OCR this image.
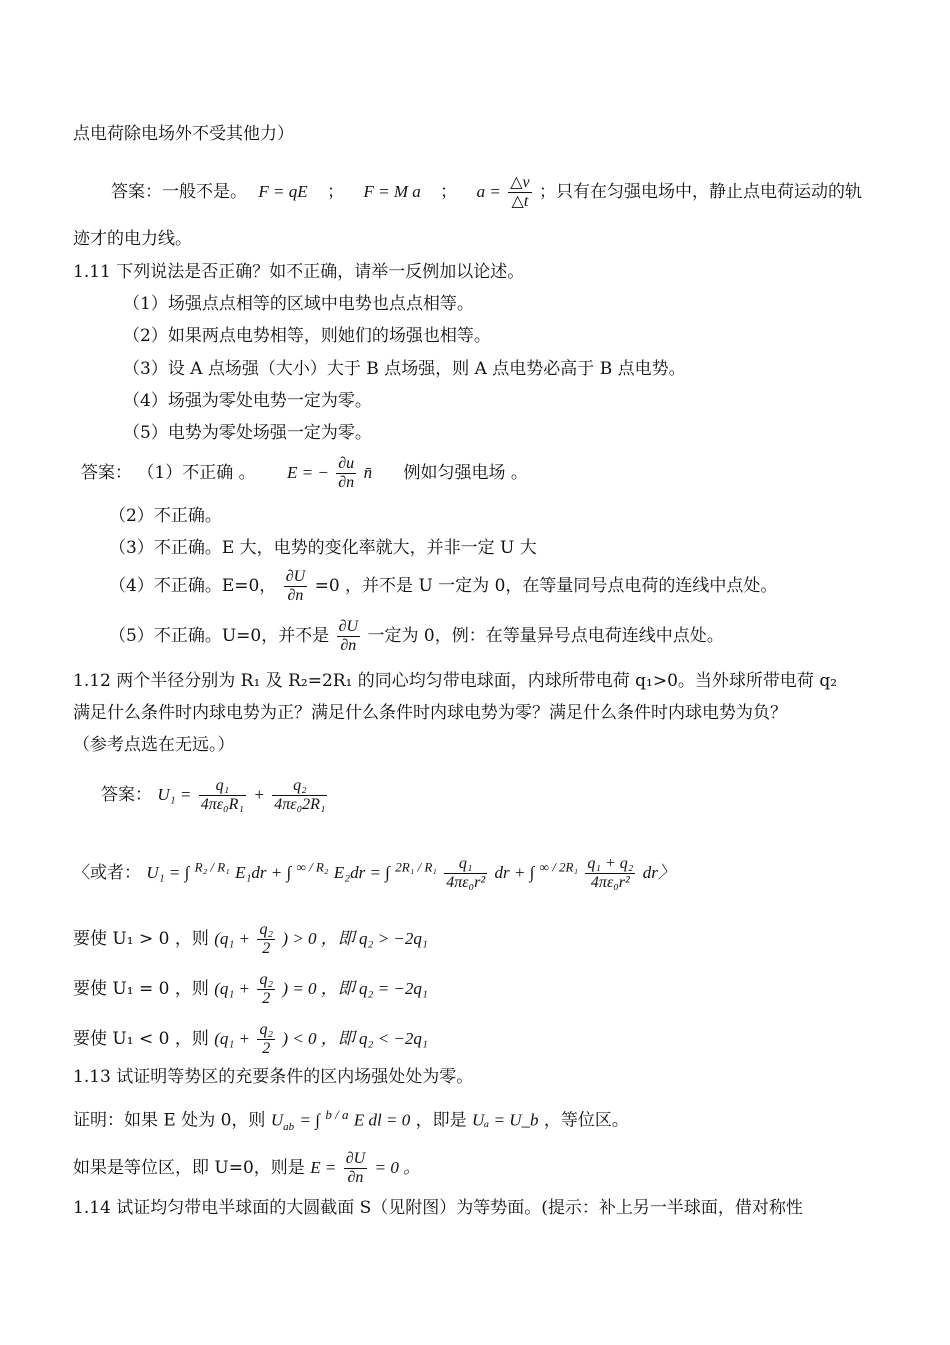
点电荷除电场外不受其他力）
答案：一般不是。 F = qE ； F = M a ； $a = \frac{\triangle v}{\triangle t}$ ；只有在匀强电场中，静止点电荷运动的轨
迹才的电力线。
1.11 下列说法是否正确？如不正确，请举一反例加以论述。
（1）场强点点相等的区域中电势也点点相等。
（2）如果两点电势相等，则她们的场强也相等。
（3）设 A 点场强（大小）大于 B 点场强，则 A 点电势必高于 B 点电势。
（4）场强为零处电势一定为零。
（5）电势为零处场强一定为零。
答案： （1）不正确 。 E = − $\frac{\partial u}{\partial n}$ n̄ 例如匀强电场 。
（2）不正确。
（3）不正确。E 大，电势的变化率就大，并非一定 U 大
（4）不正确。E=0， $\frac{\partial U}{\partial n} =0$ ，并不是 U 一定为 0，在等量同号点电荷的连线中点处。
（5）不正确。U=0，并不是 $\frac{\partial U}{\partial n}$ 一定为 0，例：在等量异号点电荷连线中点处。
1.12 两个半径分别为 R₁ 及 R₂=2R₁ 的同心均匀带电球面，内球所带电荷 q₁>0。当外球所带电荷 q₂
满足什么条件时内球电势为正？满足什么条件时内球电势为零？满足什么条件时内球电势为负？
（参考点选在无远。）
答案： $U_1 = \frac{\text{q₁}}{\text{4πε₀R₁}} + \frac{\text{q₂}}{\text{4πε₀2R₁}}$
〈或者： U₁ = ∫ $^{R_2 / R_1}$ E₁dr + ∫ $^{\infty / R_2}$ E₂dr = ∫ $^{2R_1 / R_1} \frac{\text{q₁}}{\text{4πε₀r²}}$ dr + ∫ $^{\infty / 2R_1} \frac{\text{q₁ + q₂}}{\text{4πε₀r²}}$ dr〉
要使 U₁ > 0 ，则 ($q_1 + \frac{\text{q₂}}{2}$ ) > 0 ，即 q₂ > −2q₁
要使 U₁ = 0 ，则 ($q_1 + \frac{\text{q₂}}{2}$ ) = 0 ，即 q₂ = −2q₁
要使 U₁ < 0 ，则 ($q_1 + \frac{\text{q₂}}{2}$ ) < 0 ，即 q₂ < −2q₁
1.13 试证明等势区的充要条件的区内场强处处为零。
证明：如果 E 处为 0，则 $U_{ab}$ = ∫ $^{b / a}$ E dl = 0 ，即是 Uₐ = U_b ，等位区。
如果是等位区，即 U=0，则是 $E = \frac{\partial U}{\partial n} = 0$ 。
1.14 试证均匀带电半球面的大圆截面 S（见附图）为等势面。(提示：补上另一半球面，借对称性
